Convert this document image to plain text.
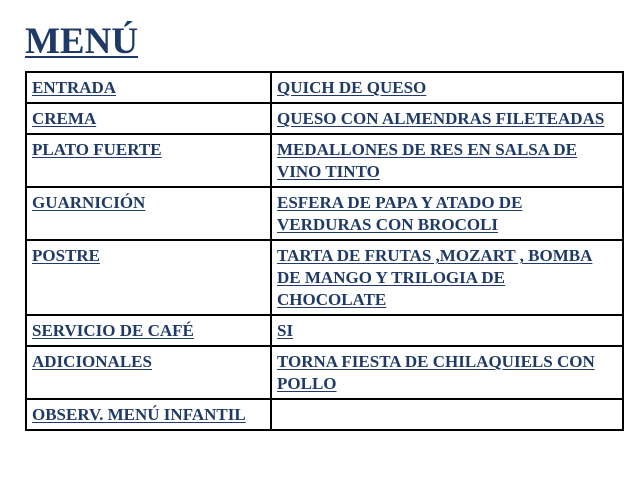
MENÚ
ENTRADA	QUICH DE QUESO
CREMA	QUESO CON ALMENDRAS FILETEADAS
PLATO FUERTE	MEDALLONES DE RES EN SALSA DE VINO TINTO
GUARNICIÓN	ESFERA DE PAPA Y ATADO DE VERDURAS CON BROCOLI
POSTRE	TARTA DE FRUTAS ,MOZART , BOMBA DE MANGO Y TRILOGIA DE CHOCOLATE
SERVICIO DE CAFÉ	SI
ADICIONALES	TORNA FIESTA DE CHILAQUIELS CON POLLO
OBSERV. MENÚ INFANTIL	
